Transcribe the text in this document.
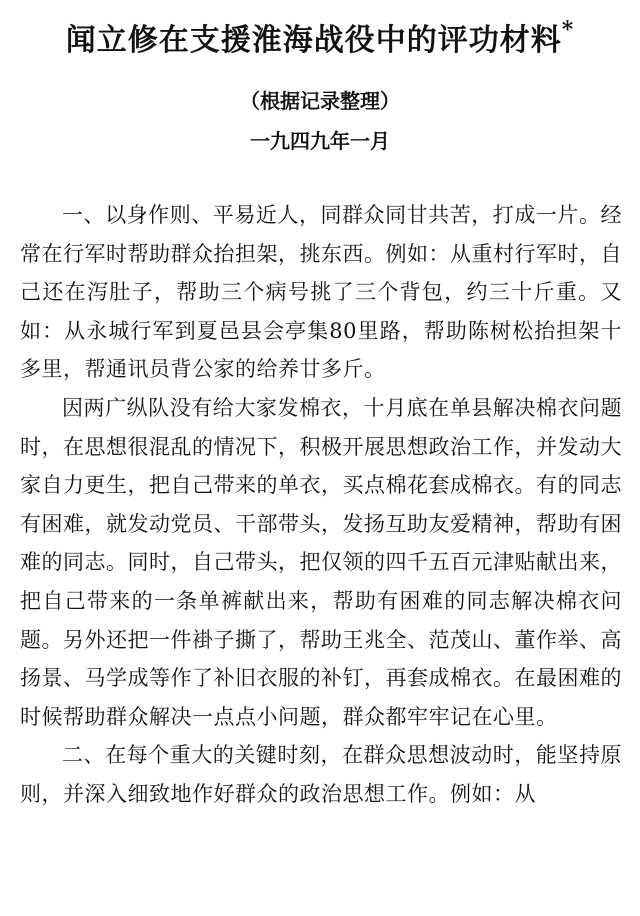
闻立修在支援淮海战役中的评功材料*
（根据记录整理）
一九四九年一月

一、以身作则、平易近人，同群众同甘共苦，打成一片。经常在行军时帮助群众抬担架，挑东西。例如：从重村行军时，自己还在泻肚子，帮助三个病号挑了三个背包，约三十斤重。又如：从永城行军到夏邑县会亭集80里路，帮助陈树松抬担架十多里，帮通讯员背公家的给养廿多斤。

因两广纵队没有给大家发棉衣，十月底在单县解决棉衣问题时，在思想很混乱的情况下，积极开展思想政治工作，并发动大家自力更生，把自己带来的单衣，买点棉花套成棉衣。有的同志有困难，就发动党员、干部带头，发扬互助友爱精神，帮助有困难的同志。同时，自己带头，把仅领的四千五百元津贴献出来，把自己带来的一条单裤献出来，帮助有困难的同志解决棉衣问题。另外还把一件褂子撕了，帮助王兆全、范茂山、董作举、高扬景、马学成等作了补旧衣服的补钉，再套成棉衣。在最困难的时候帮助群众解决一点点小问题，群众都牢牢记在心里。

二、在每个重大的关键时刻，在群众思想波动时，能坚持原则，并深入细致地作好群众的政治思想工作。例如：从
